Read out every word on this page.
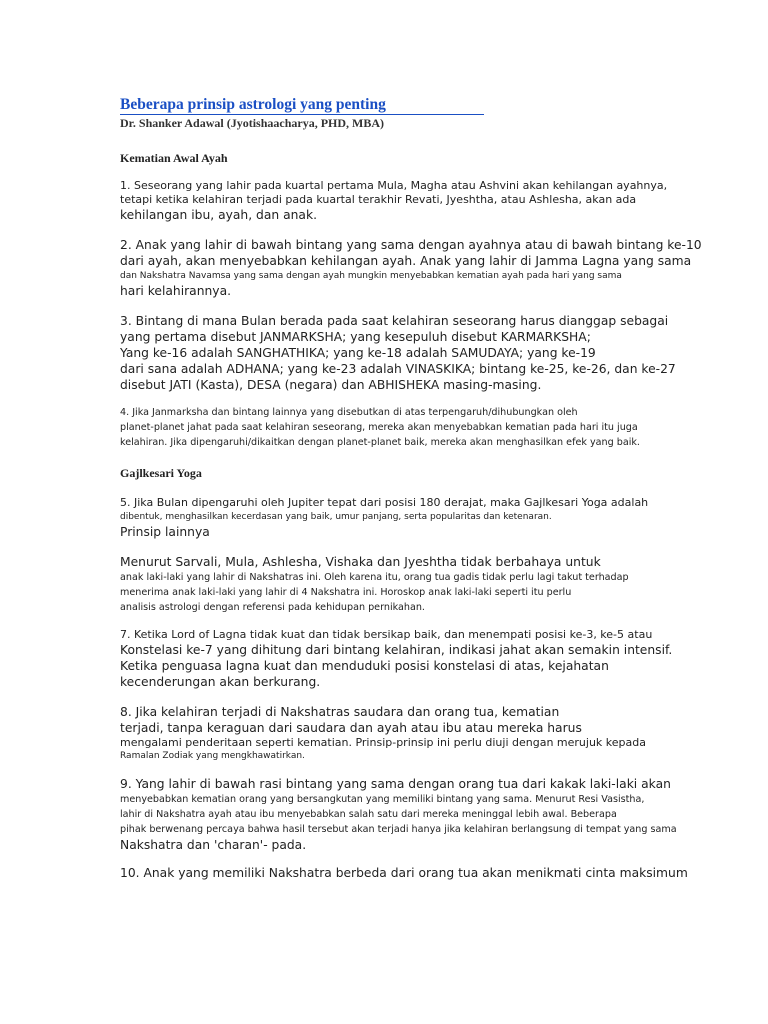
Beberapa prinsip astrologi yang penting
Dr. Shanker Adawal (Jyotishaacharya, PHD, MBA)
Kematian Awal Ayah
1. Seseorang yang lahir pada kuartal pertama Mula, Magha atau Ashvini akan kehilangan ayahnya,
tetapi ketika kelahiran terjadi pada kuartal terakhir Revati, Jyeshtha, atau Ashlesha, akan ada
kehilangan ibu, ayah, dan anak.
2. Anak yang lahir di bawah bintang yang sama dengan ayahnya atau di bawah bintang ke-10
dari ayah, akan menyebabkan kehilangan ayah. Anak yang lahir di Jamma Lagna yang sama
dan Nakshatra Navamsa yang sama dengan ayah mungkin menyebabkan kematian ayah pada hari yang sama
hari kelahirannya.
3. Bintang di mana Bulan berada pada saat kelahiran seseorang harus dianggap sebagai
yang pertama disebut JANMARKSHA; yang kesepuluh disebut KARMARKSHA;
Yang ke-16 adalah SANGHATHIKA; yang ke-18 adalah SAMUDAYA; yang ke-19
dari sana adalah ADHANA; yang ke-23 adalah VINASKIKA; bintang ke-25, ke-26, dan ke-27
disebut JATI (Kasta), DESA (negara) dan ABHISHEKA masing-masing.
4. Jika Janmarksha dan bintang lainnya yang disebutkan di atas terpengaruh/dihubungkan oleh
planet-planet jahat pada saat kelahiran seseorang, mereka akan menyebabkan kematian pada hari itu juga
kelahiran. Jika dipengaruhi/dikaitkan dengan planet-planet baik, mereka akan menghasilkan efek yang baik.
Gajlkesari Yoga
5. Jika Bulan dipengaruhi oleh Jupiter tepat dari posisi 180 derajat, maka Gajlkesari Yoga adalah
dibentuk, menghasilkan kecerdasan yang baik, umur panjang, serta popularitas dan ketenaran.
Prinsip lainnya
Menurut Sarvali, Mula, Ashlesha, Vishaka dan Jyeshtha tidak berbahaya untuk
anak laki-laki yang lahir di Nakshatras ini. Oleh karena itu, orang tua gadis tidak perlu lagi takut terhadap
menerima anak laki-laki yang lahir di 4 Nakshatra ini. Horoskop anak laki-laki seperti itu perlu
analisis astrologi dengan referensi pada kehidupan pernikahan.
7. Ketika Lord of Lagna tidak kuat dan tidak bersikap baik, dan menempati posisi ke-3, ke-5 atau
Konstelasi ke-7 yang dihitung dari bintang kelahiran, indikasi jahat akan semakin intensif.
Ketika penguasa lagna kuat dan menduduki posisi konstelasi di atas, kejahatan
kecenderungan akan berkurang.
8. Jika kelahiran terjadi di Nakshatras saudara dan orang tua, kematian
terjadi, tanpa keraguan dari saudara dan ayah atau ibu atau mereka harus
mengalami penderitaan seperti kematian. Prinsip-prinsip ini perlu diuji dengan merujuk kepada
Ramalan Zodiak yang mengkhawatirkan.
9. Yang lahir di bawah rasi bintang yang sama dengan orang tua dari kakak laki-laki akan
menyebabkan kematian orang yang bersangkutan yang memiliki bintang yang sama. Menurut Resi Vasistha,
lahir di Nakshatra ayah atau ibu menyebabkan salah satu dari mereka meninggal lebih awal. Beberapa
pihak berwenang percaya bahwa hasil tersebut akan terjadi hanya jika kelahiran berlangsung di tempat yang sama
Nakshatra dan 'charan'- pada.
10. Anak yang memiliki Nakshatra berbeda dari orang tua akan menikmati cinta maksimum
